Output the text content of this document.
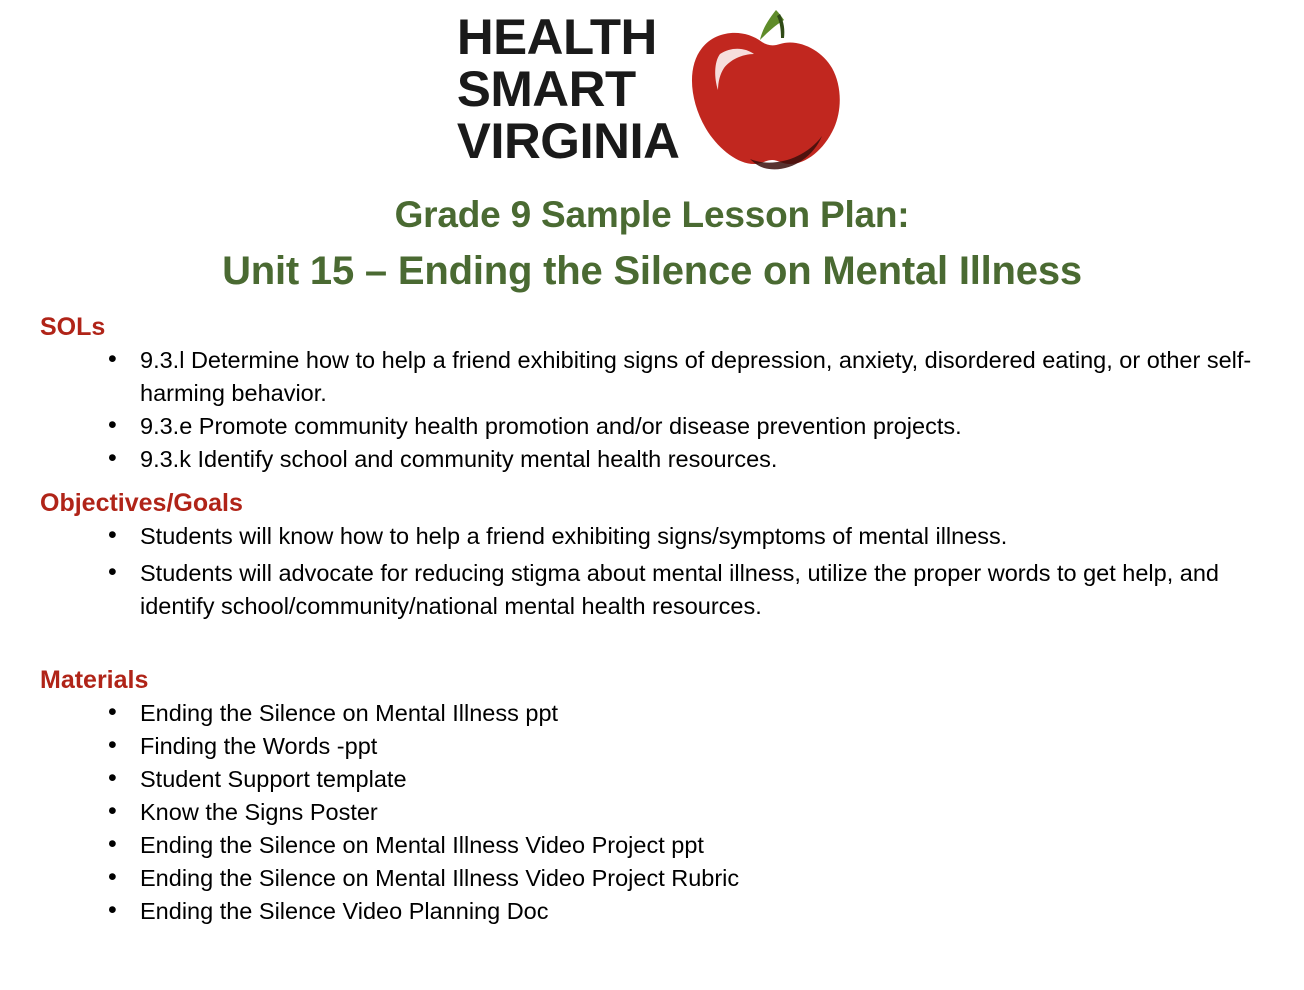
HEALTH
SMART
VIRGINIA
Grade 9 Sample Lesson Plan:
Unit 15 – Ending the Silence on Mental Illness
SOLs
• 9.3.l Determine how to help a friend exhibiting signs of depression, anxiety, disordered eating, or other self-harming behavior.
• 9.3.e Promote community health promotion and/or disease prevention projects.
• 9.3.k Identify school and community mental health resources.
Objectives/Goals
• Students will know how to help a friend exhibiting signs/symptoms of mental illness.
• Students will advocate for reducing stigma about mental illness, utilize the proper words to get help, and identify school/community/national mental health resources.
Materials
• Ending the Silence on Mental Illness ppt
• Finding the Words -ppt
• Student Support template
• Know the Signs Poster
• Ending the Silence on Mental Illness Video Project ppt
• Ending the Silence on Mental Illness Video Project Rubric
• Ending the Silence Video Planning Doc
